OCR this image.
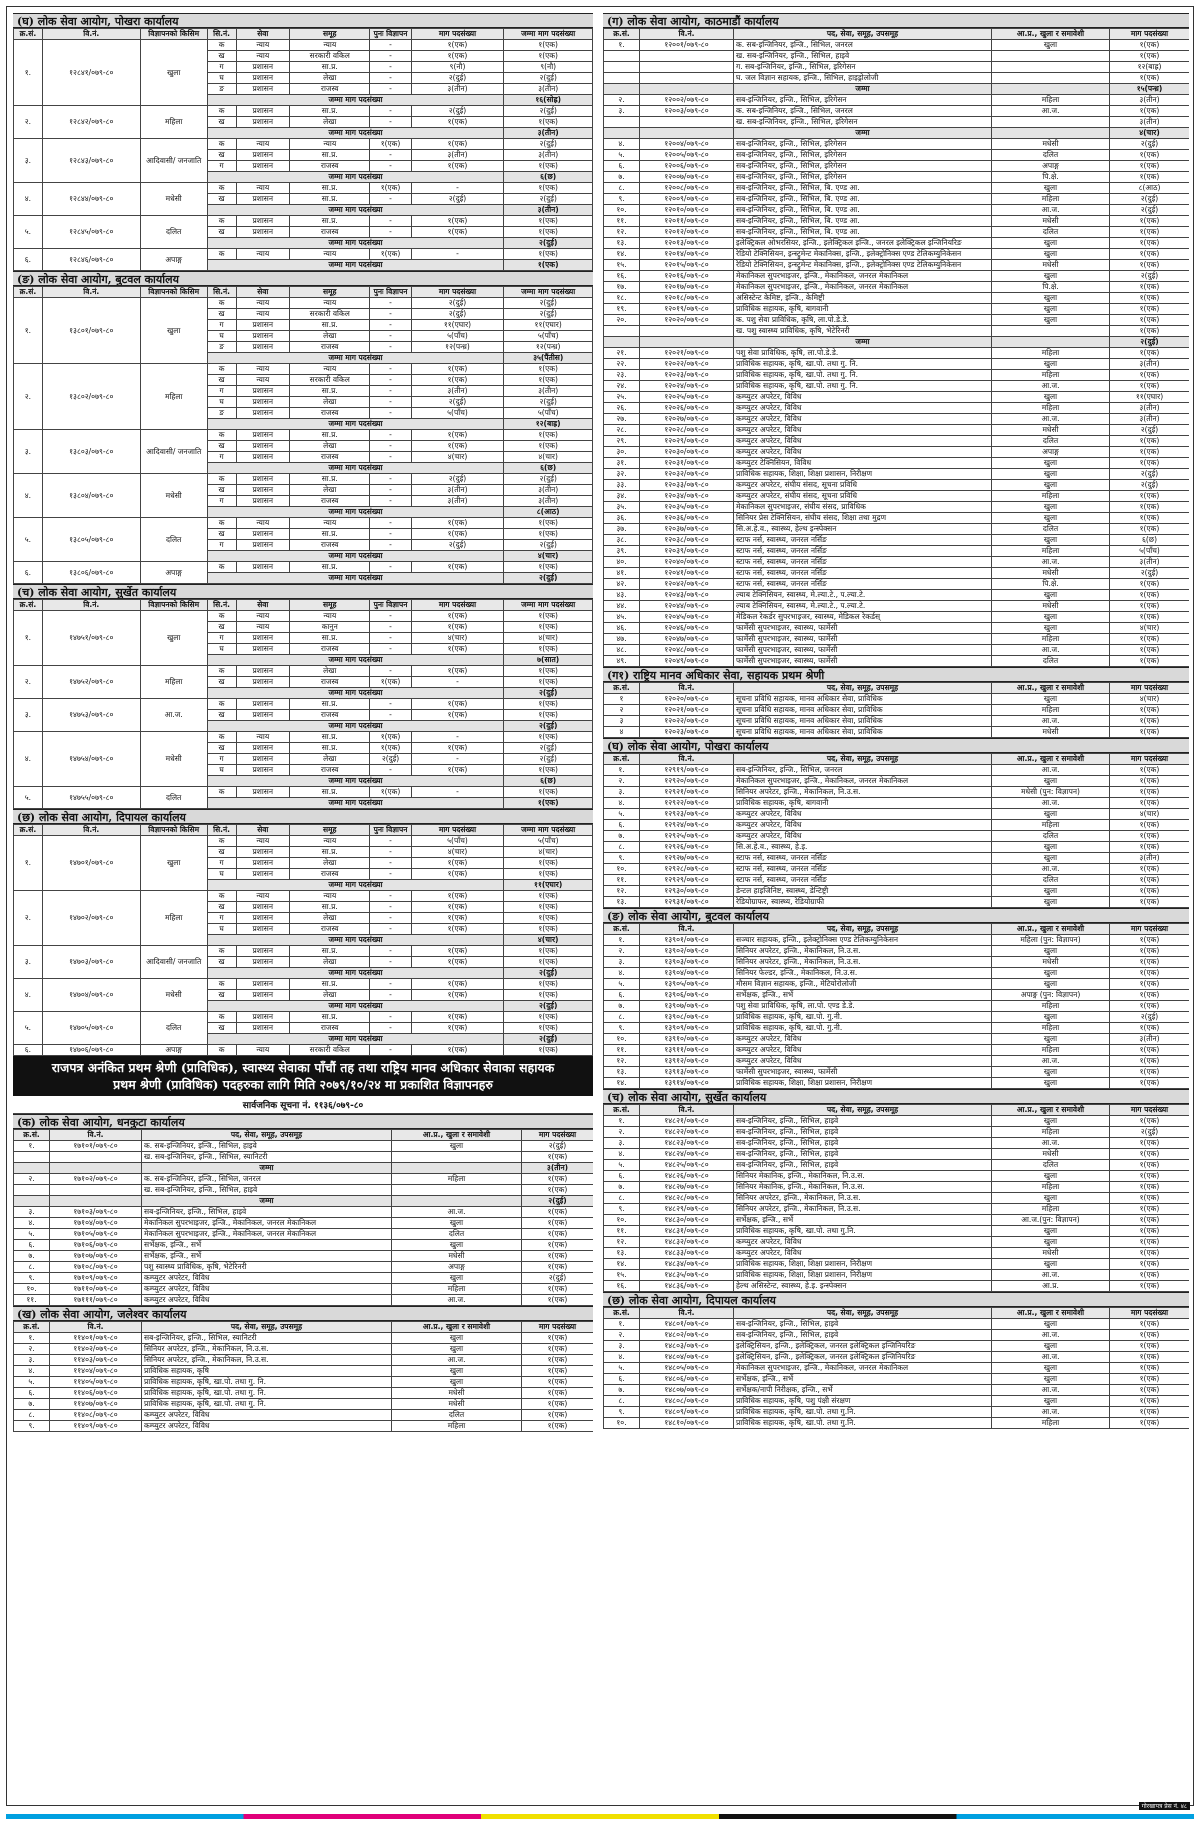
(घ) लोक सेवा आयोग, पोखरा कार्यालय
क्र.सं.	वि.नं.	विज्ञापनको किसिम	सि.नं.	सेवा	समूह	पुनः विज्ञापन	माग पदसंख्या	जम्मा माग पदसंख्या
१.	१२८४१/०७९-८०	खुला	क	न्याय	न्याय	-	१(एक)	१(एक)
			ख	न्याय	सरकारी वकिल	-	१(एक)	१(एक)
			ग	प्रशासन	सा.प्र.	-	९(नौ)	९(नौ)
			घ	प्रशासन	लेखा	-	२(दुई)	२(दुई)
			ङ	प्रशासन	राजस्व	-	३(तीन)	३(तीन)
			जम्मा माग पदसंख्या					१६(सोह्र)
२.	१२८४२/०७९-८०	महिला	क	प्रशासन	सा.प्र.	-	२(दुई)	२(दुई)
			ख	प्रशासन	लेखा	-	१(एक)	१(एक)
			जम्मा माग पदसंख्या					३(तीन)
३.	१२८४३/०७९-८०	आदिवासी/ जनजाति	क	न्याय	न्याय	१(एक)	१(एक)	२(दुई)
			ख	प्रशासन	सा.प्र.	-	३(तीन)	३(तीन)
			ग	प्रशासन	राजस्व	-	१(एक)	१(एक)
			जम्मा माग पदसंख्या					६(छ)
४.	१२८४४/०७९-८०	मधेसी	क	न्याय	सा.प्र.	१(एक)	-	१(एक)
			ख	प्रशासन	सा.प्र.	-	२(दुई)	२(दुई)
			जम्मा माग पदसंख्या					३(तीन)
५.	१२८४५/०७९-८०	दलित	क	प्रशासन	सा.प्र.	-	१(एक)	१(एक)
			ख	प्रशासन	राजस्व	-	१(एक)	१(एक)
			जम्मा माग पदसंख्या					२(दुई)
६.	१२८४६/०७९-८०	अपाङ्ग	क	न्याय	न्याय	१(एक)	-	१(एक)
			जम्मा माग पदसंख्या					१(एक)
(ङ) लोक सेवा आयोग, बुटवल कार्यालय
क्र.सं.	वि.नं.	विज्ञापनको किसिम	सि.नं.	सेवा	समूह	पुनः विज्ञापन	माग पदसंख्या	जम्मा माग पदसंख्या
१.	१३८०१/०७९-८०	खुला	क	न्याय	न्याय	-	२(दुई)	२(दुई)
			ख	न्याय	सरकारी वकिल	-	२(दुई)	२(दुई)
			ग	प्रशासन	सा.प्र.	-	११(एघार)	११(एघार)
			घ	प्रशासन	लेखा	-	५(पाँच)	५(पाँच)
			ङ	प्रशासन	राजस्व	-	१२(पन्ध्र)	१२(पन्ध्र)
			जम्मा माग पदसंख्या					३५(पैंतीस)
२.	१३८०२/०७९-८०	महिला	क	न्याय	न्याय	-	१(एक)	१(एक)
			ख	न्याय	सरकारी वकिल	-	१(एक)	१(एक)
			ग	प्रशासन	सा.प्र.	-	३(तीन)	३(तीन)
			घ	प्रशासन	लेखा	-	२(दुई)	२(दुई)
			ङ	प्रशासन	राजस्व	-	५(पाँच)	५(पाँच)
			जम्मा माग पदसंख्या					१२(बाह्र)
३.	१३८०३/०७९-८०	आदिवासी/ जनजाति	क	प्रशासन	सा.प्र.	-	१(एक)	१(एक)
			ख	प्रशासन	लेखा	-	१(एक)	१(एक)
			ग	प्रशासन	राजस्व	-	४(चार)	४(चार)
			जम्मा माग पदसंख्या					६(छ)
४.	१३८०४/०७९-८०	मधेसी	क	प्रशासन	सा.प्र.	-	२(दुई)	२(दुई)
			ख	प्रशासन	लेखा	-	३(तीन)	३(तीन)
			ग	प्रशासन	राजस्व	-	३(तीन)	३(तीन)
			जम्मा माग पदसंख्या					८(आठ)
५.	१३८०५/०७९-८०	दलित	क	न्याय	न्याय	-	१(एक)	१(एक)
			ख	प्रशासन	सा.प्र.	-	१(एक)	१(एक)
			ग	प्रशासन	राजस्व	-	२(दुई)	२(दुई)
			जम्मा माग पदसंख्या					४(चार)
६.	१३८०६/०७९-८०	अपाङ्ग	क	प्रशासन	सा.प्र.	-	१(एक)	१(एक)
			जम्मा माग पदसंख्या					२(दुई)
(च) लोक सेवा आयोग, सुर्खेत कार्यालय
क्र.सं.	वि.नं.	विज्ञापनको किसिम	सि.नं.	सेवा	समूह	पुनः विज्ञापन	माग पदसंख्या	जम्मा माग पदसंख्या
१.	१४७५१/०७९-८०	खुला	क	न्याय	न्याय	-	१(एक)	१(एक)
			ख	न्याय	कानुन	-	१(एक)	१(एक)
			ग	प्रशासन	सा.प्र.	-	४(चार)	४(चार)
			घ	प्रशासन	राजस्व	-	१(एक)	१(एक)
			जम्मा माग पदसंख्या					७(सात)
२.	१४७५२/०७९-८०	महिला	क	प्रशासन	लेखा	-	१(एक)	१(एक)
			ख	प्रशासन	राजस्व	१(एक)	-	१(एक)
			जम्मा माग पदसंख्या					२(दुई)
३.	१४७५३/०७९-८०	आ.ज.	क	प्रशासन	सा.प्र.	-	१(एक)	१(एक)
			ख	प्रशासन	राजस्व	-	१(एक)	१(एक)
			जम्मा माग पदसंख्या					२(दुई)
४.	१४७५४/०७९-८०	मधेसी	क	न्याय	सा.प्र.	१(एक)	-	१(एक)
			ख	प्रशासन	सा.प्र.	१(एक)	१(एक)	२(दुई)
			ग	प्रशासन	लेखा	२(दुई)	-	२(दुई)
			घ	प्रशासन	राजस्व	-	१(एक)	१(एक)
			जम्मा माग पदसंख्या					६(छ)
५.	१४७५५/०७९-८०	दलित	क	प्रशासन	सा.प्र.	१(एक)	-	१(एक)
			जम्मा माग पदसंख्या					१(एक)
(छ) लोक सेवा आयोग, दिपायल कार्यालय
क्र.सं.	वि.नं.	विज्ञापनको किसिम	सि.नं.	सेवा	समूह	पुनः विज्ञापन	माग पदसंख्या	जम्मा माग पदसंख्या
१.	१४७०१/०७९-८०	खुला	क	न्याय	न्याय	-	५(पाँच)	५(पाँच)
			ख	प्रशासन	सा.प्र.	-	४(चार)	४(चार)
			ग	प्रशासन	लेखा	-	१(एक)	१(एक)
			घ	प्रशासन	राजस्व	-	१(एक)	१(एक)
			जम्मा माग पदसंख्या					११(एघार)
२.	१४७०२/०७९-८०	महिला	क	न्याय	न्याय	-	१(एक)	१(एक)
			ख	प्रशासन	सा.प्र.	-	१(एक)	१(एक)
			ग	प्रशासन	लेखा	-	१(एक)	१(एक)
			घ	प्रशासन	राजस्व	-	१(एक)	१(एक)
			जम्मा माग पदसंख्या					४(चार)
३.	१४७०३/०७९-८०	आदिवासी/ जनजाति	क	प्रशासन	सा.प्र.	-	१(एक)	१(एक)
			ख	प्रशासन	लेखा	-	१(एक)	१(एक)
			जम्मा माग पदसंख्या					२(दुई)
४.	१४७०४/०७९-८०	मधेसी	क	प्रशासन	सा.प्र.	-	१(एक)	१(एक)
			ख	प्रशासन	लेखा	-	१(एक)	१(एक)
			जम्मा माग पदसंख्या					२(दुई)
५.	१४७०५/०७९-८०	दलित	क	प्रशासन	सा.प्र.	-	१(एक)	१(एक)
			ख	प्रशासन	राजस्व	-	१(एक)	१(एक)
			जम्मा माग पदसंख्या					२(दुई)
६.	१४७०६/०७९-८०	अपाङ्ग	क	न्याय	सरकारी वकिल	-	१(एक)	१(एक)
राजपत्र अनंकित प्रथम श्रेणी (प्राविधिक), स्वास्थ्य सेवाका पाँचौं तह तथा राष्ट्रिय मानव अधिकार सेवाका सहायक
प्रथम श्रेणी (प्राविधिक) पदहरुका लागि मिति २०७९/१०/२४ मा प्रकाशित विज्ञापनहरु
सार्वजनिक सूचना नं. ११३६/०७९-८०
(क) लोक सेवा आयोग, धनकुटा कार्यालय
क्र.सं.	वि.नं.	पद, सेवा, समूह, उपसमूह	आ.प्र., खुला र समावेशी	माग पदसंख्या
१.	१७१०१/०७९-८०	क. सब-इन्जिनियर, इन्जि., सिभिल, हाइवे	खुला	२(दुई)
		ख. सब-इन्जिनियर, इन्जि., सिभिल, स्यानिटरी		१(एक)
		जम्मा		३(तीन)
२.	१७१०२/०७९-८०	क. सब-इन्जिनियर, इन्जि., सिभिल, जनरल	महिला	१(एक)
		ख. सब-इन्जिनियर, इन्जि., सिभिल, हाइवे		१(एक)
		जम्मा		२(दुई)
३.	१७१०३/०७९-८०	सब-इन्जिनियर, इन्जि., सिभिल, हाइवे	आ.ज.	१(एक)
४.	१७१०४/०७९-८०	मेकानिकल सुपरभाइजर, इन्जि., मेकानिकल, जनरल मेकानिकल	खुला	१(एक)
५.	१७१०५/०७९-८०	मेकानिकल सुपरभाइजर, इन्जि., मेकानिकल, जनरल मेकानिकल	दलित	१(एक)
६.	१७१०६/०७९-८०	सर्भेक्षक, इन्जि., सर्भे	खुला	१(एक)
७.	१७१०७/०७९-८०	सर्भेक्षक, इन्जि., सर्भे	मधेसी	१(एक)
८.	१७१०८/०७९-८०	पशु स्वास्थ्य प्राविधिक, कृषि, भेटेरिनरी	अपाङ्ग	१(एक)
९.	१७१०९/०७९-८०	कम्प्युटर अपरेटर, विविध	खुला	२(दुई)
१०.	१७११०/०७९-८०	कम्प्युटर अपरेटर, विविध	महिला	१(एक)
११.	१७१११/०७९-८०	कम्प्युटर अपरेटर, विविध	आ.ज.	१(एक)
(ख) लोक सेवा आयोग, जलेश्वर कार्यालय
क्र.सं.	वि.नं.	पद, सेवा, समूह, उपसमूह	आ.प्र., खुला र समावेशी	माग पदसंख्या
१.	११४०१/०७९-८०	सब-इन्जिनियर, इन्जि., सिभिल, स्यानिटरी	खुला	१(एक)
२.	११४०२/०७९-८०	सिनियर अपरेटर, इन्जि., मेकानिकल, नि.उ.स.	खुला	१(एक)
३.	११४०३/०७९-८०	सिनियर अपरेटर, इन्जि., मेकानिकल, नि.उ.स.	आ.ज.	१(एक)
४.	११४०४/०७९-८०	प्राविधिक सहायक, कृषि	खुला	१(एक)
५.	११४०५/०७९-८०	प्राविधिक सहायक, कृषि, खा.पो. तथा गु. नि.	खुला	१(एक)
६.	११४०६/०७९-८०	प्राविधिक सहायक, कृषि, खा.पो. तथा गु. नि.	मधेसी	१(एक)
७.	११४०७/०७९-८०	प्राविधिक सहायक, कृषि, खा.पो. तथा गु. नि.	मधेसी	१(एक)
८.	११४०८/०७९-८०	कम्प्युटर अपरेटर, विविध	दलित	१(एक)
९.	११४०९/०७९-८०	कम्प्युटर अपरेटर, विविध	महिला	१(एक)
(ग) लोक सेवा आयोग, काठमाडौं कार्यालय
क्र.सं.	वि.नं.	पद, सेवा, समूह, उपसमूह	आ.प्र., खुला र समावेशी	माग पदसंख्या
१.	१२००१/०७९-८०	क. सब-इन्जिनियर, इन्जि., सिभिल, जनरल	खुला	१(एक)
		ख. सब-इन्जिनियर, इन्जि., सिभिल, हाइवे		१(एक)
		ग. सब-इन्जिनियर, इन्जि., सिभिल, इरिगेसन		१२(बाह्र)
		घ. जल विज्ञान सहायक, इन्जि., सिभिल, हाइड्रोलोजी		१(एक)
		जम्मा		१५(पन्ध्र)
२.	१२००२/०७९-८०	सब-इन्जिनियर, इन्जि., सिभिल, इरिगेसन	महिला	३(तीन)
३.	१२००३/०७९-८०	क. सब-इन्जिनियर, इन्जि., सिभिल, जनरल	आ.ज.	१(एक)
		ख. सब-इन्जिनियर, इन्जि., सिभिल, इरिगेसन		३(तीन)
		जम्मा		४(चार)
४.	१२००४/०७९-८०	सब-इन्जिनियर, इन्जि., सिभिल, इरिगेसन	मधेसी	२(दुई)
५.	१२००५/०७९-८०	सब-इन्जिनियर, इन्जि., सिभिल, इरिगेसन	दलित	१(एक)
६.	१२००६/०७९-८०	सब-इन्जिनियर, इन्जि., सिभिल, इरिगेसन	अपाङ्ग	१(एक)
७.	१२००७/०७९-८०	सब-इन्जिनियर, इन्जि., सिभिल, इरिगेसन	पि.क्षे.	१(एक)
८.	१२००८/०७९-८०	सब-इन्जिनियर, इन्जि., सिभिल, बि. एण्ड आ.	खुला	८(आठ)
९.	१२००९/०७९-८०	सब-इन्जिनियर, इन्जि., सिभिल, बि. एण्ड आ.	महिला	२(दुई)
१०.	१२०१०/०७९-८०	सब-इन्जिनियर, इन्जि., सिभिल, बि. एण्ड आ.	आ.ज.	२(दुई)
११.	१२०११/०७९-८०	सब-इन्जिनियर, इन्जि., सिभिल, बि. एण्ड आ.	मधेसी	१(एक)
१२.	१२०१२/०७९-८०	सब-इन्जिनियर, इन्जि., सिभिल, बि. एण्ड आ.	दलित	१(एक)
१३.	१२०१३/०७९-८०	इलेक्ट्रिकल ओभरसियर, इन्जि., इलेक्ट्रिकल इन्जि., जनरल इलेक्ट्रिकल इन्जिनियरिङ	खुला	१(एक)
१४.	१२०१४/०७९-८०	रेडियो टेक्निसियन, इन्स्ट्रुमेन्ट मेकानिक्स, इन्जि., इलेक्ट्रोनिक्स एण्ड टेलिकम्युनिकेसन	खुला	१(एक)
१५.	१२०१५/०७९-८०	रेडियो टेक्निसियन, इन्स्ट्रुमेन्ट मेकानिक्स, इन्जि., इलेक्ट्रोनिक्स एण्ड टेलिकम्युनिकेसन	मधेसी	१(एक)
१६.	१२०१६/०७९-८०	मेकानिकल सुपरभाइजर, इन्जि., मेकानिकल, जनरल मेकानिकल	खुला	२(दुई)
१७.	१२०१७/०७९-८०	मेकानिकल सुपरभाइजर, इन्जि., मेकानिकल, जनरल मेकानिकल	पि.क्षे.	१(एक)
१८.	१२०१८/०७९-८०	असिस्टेन्ट केमिष्ट, इन्जि., केमिष्ट्री	खुला	१(एक)
१९.	१२०१९/०७९-८०	प्राविधिक सहायक, कृषि, बागवानी	खुला	१(एक)
२०.	१२०२०/०७९-८०	क. पशु सेवा प्राविधिक, कृषि, ला.पो.डे.डे.	खुला	१(एक)
		ख. पशु स्वास्थ्य प्राविधिक, कृषि, भेटेरिनरी		१(एक)
		जम्मा		२(दुई)
२१.	१२०२१/०७९-८०	पशु सेवा प्राविधिक, कृषि, ला.पो.डे.डे.	महिला	१(एक)
२२.	१२०२२/०७९-८०	प्राविधिक सहायक, कृषि, खा.पो. तथा गु. नि.	खुला	३(तीन)
२३.	१२०२३/०७९-८०	प्राविधिक सहायक, कृषि, खा.पो. तथा गु. नि.	महिला	१(एक)
२४.	१२०२४/०७९-८०	प्राविधिक सहायक, कृषि, खा.पो. तथा गु. नि.	आ.ज.	१(एक)
२५.	१२०२५/०७९-८०	कम्प्युटर अपरेटर, विविध	खुला	११(एघार)
२६.	१२०२६/०७९-८०	कम्प्युटर अपरेटर, विविध	महिला	३(तीन)
२७.	१२०२७/०७९-८०	कम्प्युटर अपरेटर, विविध	आ.ज.	३(तीन)
२८.	१२०२८/०७९-८०	कम्प्युटर अपरेटर, विविध	मधेसी	२(दुई)
२९.	१२०२९/०७९-८०	कम्प्युटर अपरेटर, विविध	दलित	१(एक)
३०.	१२०३०/०७९-८०	कम्प्युटर अपरेटर, विविध	अपाङ्ग	१(एक)
३१.	१२०३१/०७९-८०	कम्प्युटर टेक्निसियन, विविध	खुला	१(एक)
३२.	१२०३२/०७९-८०	प्राविधिक सहायक, शिक्षा, शिक्षा प्रशासन, निरीक्षण	खुला	२(दुई)
३३.	१२०३३/०७९-८०	कम्प्युटर अपरेटर, संघीय संसद, सूचना प्रविधि	खुला	२(दुई)
३४.	१२०३४/०७९-८०	कम्प्युटर अपरेटर, संघीय संसद, सूचना प्रविधि	महिला	१(एक)
३५.	१२०३५/०७९-८०	मेकानिकल सुपरभाइजर, संघीय संसद, प्राविधिक	खुला	१(एक)
३६.	१२०३६/०७९-८०	सिनियर प्रेस टेक्निसियन, संघीय संसद, शिक्षा तथा मुद्रण	खुला	१(एक)
३७.	१२०३७/०७९-८०	सि.अ.हे.व., स्वास्थ्य, हेल्थ इन्स्पेक्सन	दलित	१(एक)
३८.	१२०३८/०७९-८०	स्टाफ नर्स, स्वास्थ्य, जनरल नर्सिङ	खुला	६(छ)
३९.	१२०३९/०७९-८०	स्टाफ नर्स, स्वास्थ्य, जनरल नर्सिङ	महिला	५(पाँच)
४०.	१२०४०/०७९-८०	स्टाफ नर्स, स्वास्थ्य, जनरल नर्सिङ	आ.ज.	३(तीन)
४१.	१२०४१/०७९-८०	स्टाफ नर्स, स्वास्थ्य, जनरल नर्सिङ	मधेसी	२(दुई)
४२.	१२०४२/०७९-८०	स्टाफ नर्स, स्वास्थ्य, जनरल नर्सिङ	पि.क्षे.	१(एक)
४३.	१२०४३/०७९-८०	ल्याब टेक्निसियन, स्वास्थ्य, मे.ल्या.टे., प.ल्या.टे.	खुला	१(एक)
४४.	१२०४४/०७९-८०	ल्याब टेक्निसियन, स्वास्थ्य, मे.ल्या.टे., प.ल्या.टे.	मधेसी	१(एक)
४५.	१२०४५/०७९-८०	मेडिकल रेकर्डर सुपरभाइजर, स्वास्थ्य, मेडिकल रेकर्डस्	खुला	१(एक)
४६.	१२०४६/०७९-८०	फार्मेसी सुपरभाइजर, स्वास्थ्य, फार्मेसी	खुला	४(चार)
४७.	१२०४७/०७९-८०	फार्मेसी सुपरभाइजर, स्वास्थ्य, फार्मेसी	महिला	१(एक)
४८.	१२०४८/०७९-८०	फार्मेसी सुपरभाइजर, स्वास्थ्य, फार्मेसी	आ.ज.	१(एक)
४९.	१२०४९/०७९-८०	फार्मेसी सुपरभाइजर, स्वास्थ्य, फार्मेसी	दलित	१(एक)
(ग१) राष्ट्रिय मानव अधिकार सेवा, सहायक प्रथम श्रेणी
क्र.सं.	वि.नं.	पद, सेवा, समूह, उपसमूह	आ.प्र., खुला र समावेशी	माग पदसंख्या
१	१२०२०/०७९-८०	सूचना प्रविधि सहायक, मानव अधिकार सेवा, प्राविधिक	खुला	४(चार)
२	१२०२१/०७९-८०	सूचना प्रविधि सहायक, मानव अधिकार सेवा, प्राविधिक	महिला	१(एक)
३	१२०२२/०७९-८०	सूचना प्रविधि सहायक, मानव अधिकार सेवा, प्राविधिक	आ.ज.	१(एक)
४	१२०२३/०७९-८०	सूचना प्रविधि सहायक, मानव अधिकार सेवा, प्राविधिक	मधेसी	१(एक)
(घ) लोक सेवा आयोग, पोखरा कार्यालय
क्र.सं.	वि.नं.	पद, सेवा, समूह, उपसमूह	आ.प्र., खुला र समावेशी	माग पदसंख्या
१.	१२९१९/०७९-८०	सब-इन्जिनियर, इन्जि., सिभिल, जनरल	आ.ज.	१(एक)
२.	१२९२०/०७९-८०	मेकानिकल सुपरभाइजर, इन्जि., मेकानिकल, जनरल मेकानिकल	खुला	१(एक)
३.	१२९२१/०७९-८०	सिनियर अपरेटर, इन्जि., मेकानिकल, नि.उ.स.	मधेसी (पुन: विज्ञापन)	१(एक)
४.	१२९२२/०७९-८०	प्राविधिक सहायक, कृषि, बागवानी	आ.ज.	१(एक)
५.	१२९२३/०७९-८०	कम्प्युटर अपरेटर, विविध	खुला	४(चार)
६.	१२९२४/०७९-८०	कम्प्युटर अपरेटर, विविध	महिला	१(एक)
७.	१२९२५/०७९-८०	कम्प्युटर अपरेटर, विविध	दलित	१(एक)
८.	१२९२६/०७९-८०	सि.अ.हे.व., स्वास्थ्य, हे.इ.	खुला	१(एक)
९.	१२९२७/०७९-८०	स्टाफ नर्स, स्वास्थ्य, जनरल नर्सिङ	खुला	३(तीन)
१०.	१२९२८/०७९-८०	स्टाफ नर्स, स्वास्थ्य, जनरल नर्सिङ	आ.ज.	१(एक)
११.	१२९२९/०७९-८०	स्टाफ नर्स, स्वास्थ्य, जनरल नर्सिङ	दलित	१(एक)
१२.	१२९३०/०७९-८०	डेन्टल हाइजिनिष्ट, स्वास्थ्य, डेन्टिष्ट्री	खुला	१(एक)
१३.	१२९३१/०७९-८०	रेडियोग्राफर, स्वास्थ्य, रेडियोग्राफी	खुला	१(एक)
(ङ) लोक सेवा आयोग, बुटवल कार्यालय
क्र.सं.	वि.नं.	पद, सेवा, समूह, उपसमूह	आ.प्र., खुला र समावेशी	माग पदसंख्या
१.	१३९०१/०७९-८०	सञ्चार सहायक, इन्जि., इलेक्ट्रोनिक्स एण्ड टेलिकम्युनिकेसन	महिला (पुन: विज्ञापन)	१(एक)
२.	१३९०२/०७९-८०	सिनियर अपरेटर, इन्जि., मेकानिकल, नि.उ.स.	खुला	१(एक)
३.	१३९०३/०७९-८०	सिनियर अपरेटर, इन्जि., मेकानिकल, नि.उ.स.	मधेसी	१(एक)
४.	१३९०४/०७९-८०	सिनियर फेल्डर, इन्जि., मेकानिकल, नि.उ.स.	खुला	१(एक)
५.	१३९०५/०७९-८०	मौसम विज्ञान सहायक, इन्जि., मेटियोरोलोजी	खुला	१(एक)
६.	१३९०६/०७९-८०	सर्भेक्षक, इन्जि., सर्भे	अपाङ्ग (पुन: विज्ञापन)	१(एक)
७.	१३९०७/०७९-८०	पशु सेवा प्राविधिक, कृषि, ला.पो. एण्ड डे.डे.	महिला	१(एक)
८.	१३९०८/०७९-८०	प्राविधिक सहायक, कृषि, खा.पो. गु.नी.	खुला	२(दुई)
९.	१३९०९/०७९-८०	प्राविधिक सहायक, कृषि, खा.पो. गु.नी.	महिला	१(एक)
१०.	१३९१०/०७९-८०	कम्प्युटर अपरेटर, विविध	खुला	३(तीन)
११.	१३९११/०७९-८०	कम्प्युटर अपरेटर, विविध	महिला	१(एक)
१२.	१३९१२/०७९-८०	कम्प्युटर अपरेटर, विविध	आ.ज.	१(एक)
१३.	१३९१३/०७९-८०	फार्मेसी सुपरभाइजर, स्वास्थ्य, फार्मेसी	खुला	१(एक)
१४.	१३९१४/०७९-८०	प्राविधिक सहायक, शिक्षा, शिक्षा प्रशासन, निरीक्षण	खुला	१(एक)
(च) लोक सेवा आयोग, सुर्खेत कार्यालय
क्र.सं.	वि.नं.	पद, सेवा, समूह, उपसमूह	आ.प्र., खुला र समावेशी	माग पदसंख्या
१.	१४८२१/०७९-८०	सब-इन्जिनियर, इन्जि., सिभिल, हाइवे	खुला	१(एक)
२.	१४८२२/०७९-८०	सब-इन्जिनियर, इन्जि., सिभिल, हाइवे	महिला	२(दुई)
३.	१४८२३/०७९-८०	सब-इन्जिनियर, इन्जि., सिभिल, हाइवे	आ.ज.	१(एक)
४.	१४८२४/०७९-८०	सब-इन्जिनियर, इन्जि., सिभिल, हाइवे	मधेसी	१(एक)
५.	१४८२५/०७९-८०	सब-इन्जिनियर, इन्जि., सिभिल, हाइवे	दलित	१(एक)
६.	१४८२६/०७९-८०	सिनियर मेकानिक, इन्जि., मेकानिकल, नि.उ.स.	खुला	१(एक)
७.	१४८२७/०७९-८०	सिनियर मेकानिक, इन्जि., मेकानिकल, नि.उ.स.	महिला	१(एक)
८.	१४८२८/०७९-८०	सिनियर अपरेटर, इन्जि., मेकानिकल, नि.उ.स.	खुला	१(एक)
९.	१४८२९/०७९-८०	सिनियर अपरेटर, इन्जि., मेकानिकल, नि.उ.स.	महिला	१(एक)
१०.	१४८३०/०७९-८०	सर्भेक्षक, इन्जि., सर्भे	आ.ज.(पुन: विज्ञापन)	१(एक)
११.	१४८३१/०७९-८०	प्राविधिक सहायक, कृषि, खा.पो. तथा गु.नि.	खुला	१(एक)
१२.	१४८३२/०७९-८०	कम्प्युटर अपरेटर, विविध	खुला	१(एक)
१३.	१४८३३/०७९-८०	कम्प्युटर अपरेटर, विविध	मधेसी	१(एक)
१४.	१४८३४/०७९-८०	प्राविधिक सहायक, शिक्षा, शिक्षा प्रशासन, निरीक्षण	खुला	१(एक)
१५.	१४८३५/०७९-८०	प्राविधिक सहायक, शिक्षा, शिक्षा प्रशासन, निरीक्षण	आ.ज.	१(एक)
१६.	१४८३६/०७९-८०	हेल्थ असिस्टेन्ट, स्वास्थ्य, हे.इ. इन्स्पेक्सन	आ.प्र.	१(एक)
(छ) लोक सेवा आयोग, दिपायल कार्यालय
क्र.सं.	वि.नं.	पद, सेवा, समूह, उपसमूह	आ.प्र., खुला र समावेशी	माग पदसंख्या
१.	१४८०१/०७९-८०	सब-इन्जिनियर, इन्जि., सिभिल, हाइवे	खुला	१(एक)
२.	१४८०२/०७९-८०	सब-इन्जिनियर, इन्जि., सिभिल, हाइवे	आ.ज.	१(एक)
३.	१४८०३/०७९-८०	इलेक्ट्रिसियन, इन्जि., इलेक्ट्रिकल, जनरल इलेक्ट्रिकल इन्जिनियरिङ	खुला	१(एक)
४.	१४८०४/०७९-८०	इलेक्ट्रिसियन, इन्जि., इलेक्ट्रिकल, जनरल इलेक्ट्रिकल इन्जिनियरिङ	आ.ज.	१(एक)
५.	१४८०५/०७९-८०	मेकानिकल सुपरभाइजर, इन्जि., मेकानिकल, जनरल मेकानिकल	खुला	१(एक)
६.	१४८०६/०७९-८०	सर्भेक्षक, इन्जि., सर्भे	खुला	१(एक)
७.	१४८०७/०७९-८०	सर्भेक्षक/नापी निरीक्षक, इन्जि., सर्भे	आ.ज.	१(एक)
८.	१४८०८/०७९-८०	प्राविधिक सहायक, कृषि, पशु पंक्षी संरक्षण	खुला	१(एक)
९.	१४८०९/०७९-८०	प्राविधिक सहायक, कृषि, खा.पो. तथा गु.नि.	आ.ज.	१(एक)
१०.	१४८१०/०७९-८०	प्राविधिक सहायक, कृषि, खा.पो. तथा गु.नि.	महिला	१(एक)
गोरखापत्र प्रेस नं. ४८
